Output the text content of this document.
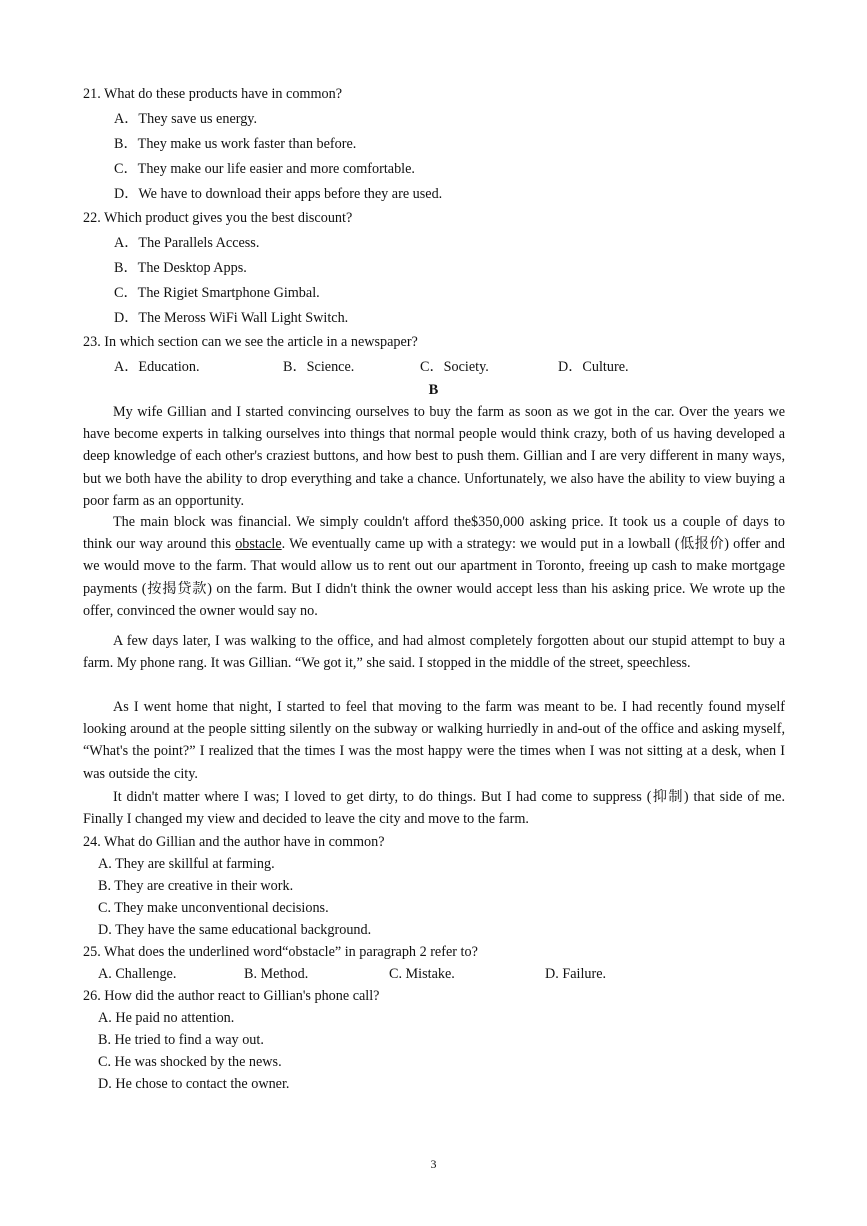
21. What do these products have in common?
A．They save us energy.
B．They make us work faster than before.
C．They make our life easier and more comfortable.
D．We have to download their apps before they are used.
22. Which product gives you the best discount?
A．The Parallels Access.
B．The Desktop Apps.
C．The Rigiet Smartphone Gimbal.
D．The Meross WiFi Wall Light Switch.
23. In which section can we see the article in a newspaper?
A．Education.	B．Science.	C．Society.	D．Culture.
B
My wife Gillian and I started convincing ourselves to buy the farm as soon as we got in the car. Over the years we have become experts in talking ourselves into things that normal people would think crazy, both of us having developed a deep knowledge of each other's craziest buttons, and how best to push them. Gillian and I are very different in many ways, but we both have the ability to drop everything and take a chance. Unfortunately, we also have the ability to view buying a poor farm as an opportunity.
The main block was financial. We simply couldn't afford the$350,000 asking price. It took us a couple of days to think our way around this obstacle. We eventually came up with a strategy: we would put in a lowball (低报价) offer and we would move to the farm. That would allow us to rent out our apartment in Toronto, freeing up cash to make mortgage payments (按揭贷款) on the farm. But I didn't think the owner would accept less than his asking price. We wrote up the offer, convinced the owner would say no.
A few days later, I was walking to the office, and had almost completely forgotten about our stupid attempt to buy a farm. My phone rang. It was Gillian. “We got it,” she said. I stopped in the middle of the street, speechless.
As I went home that night, I started to feel that moving to the farm was meant to be. I had recently found myself looking around at the people sitting silently on the subway or walking hurriedly in and-out of the office and asking myself, “What's the point?” I realized that the times I was the most happy were the times when I was not sitting at a desk, when I was outside the city.
It didn't matter where I was; I loved to get dirty, to do things. But I had come to suppress (抑制) that side of me. Finally I changed my view and decided to leave the city and move to the farm.
24. What do Gillian and the author have in common?
A. They are skillful at farming.
B. They are creative in their work.
C. They make unconventional decisions.
D. They have the same educational background.
25. What does the underlined word“obstacle” in paragraph 2 refer to?
A. Challenge.	B. Method.	C. Mistake.	D. Failure.
26. How did the author react to Gillian's phone call?
A. He paid no attention.
B. He tried to find a way out.
C. He was shocked by the news.
D. He chose to contact the owner.
3
